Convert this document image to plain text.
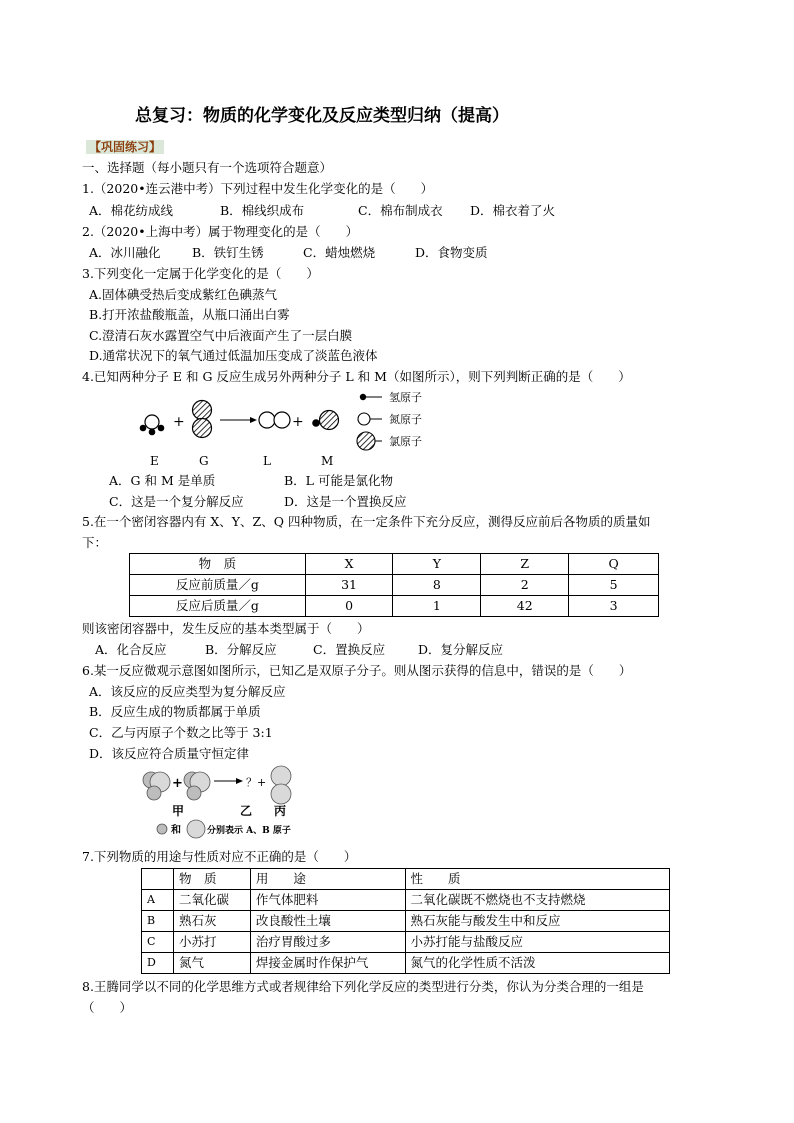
总复习：物质的化学变化及反应类型归纳（提高）
【巩固练习】
一、选择题（每小题只有一个选项符合题意）
1.（2020•连云港中考）下列过程中发生化学变化的是（　　）
A．棉花纺成线	B．棉线织成布	C．棉布制成衣 D．棉衣着了火
2.（2020•上海中考）属于物理变化的是（　　）
A．冰川融化	B．铁钉生锈	C．蜡烛燃烧	D．食物变质
3.下列变化一定属于化学变化的是（　　）
A.固体碘受热后变成紫红色碘蒸气
B.打开浓盐酸瓶盖，从瓶口涌出白雾
C.澄清石灰水露置空气中后液面产生了一层白膜
D.通常状况下的氧气通过低温加压变成了淡蓝色液体
4.已知两种分子 E 和 G 反应生成另外两种分子 L 和 M（如图所示），则下列判断正确的是（　　）
+	+
氢原子
氮原子
氯原子
E	G	L	M
A．G 和 M 是单质	B．L 可能是氯化物
C．这是一个复分解反应	D．这是一个置换反应
5.在一个密闭容器内有 X、Y、Z、Q 四种物质，在一定条件下充分反应，测得反应前后各物质的质量如
下：
物　质	X	Y	Z	Q
反应前质量／g	31	8	2	5
反应后质量／g	0	1	42	3
则该密闭容器中，发生反应的基本类型属于（　　）
A．化合反应	B．分解反应	C．置换反应	D．复分解反应
6.某一反应微观示意图如图所示，已知乙是双原子分子。则从图示获得的信息中，错误的是（　　）
A．该反应的反应类型为复分解反应
B．反应生成的物质都属于单质
C．乙与丙原子个数之比等于 3:1
D．该反应符合质量守恒定律
+	？+
甲	乙 丙
和	分别表示 A、B 原子
7.下列物质的用途与性质对应不正确的是（　　）
	物　质	用　　途	性　　质
A	二氧化碳	作气体肥料	二氧化碳既不燃烧也不支持燃烧
B	熟石灰	改良酸性土壤	熟石灰能与酸发生中和反应
C	小苏打	治疗胃酸过多	小苏打能与盐酸反应
D	氮气	焊接金属时作保护气	氮气的化学性质不活泼
8.王腾同学以不同的化学思维方式或者规律给下列化学反应的类型进行分类，你认为分类合理的一组是
（　　）
